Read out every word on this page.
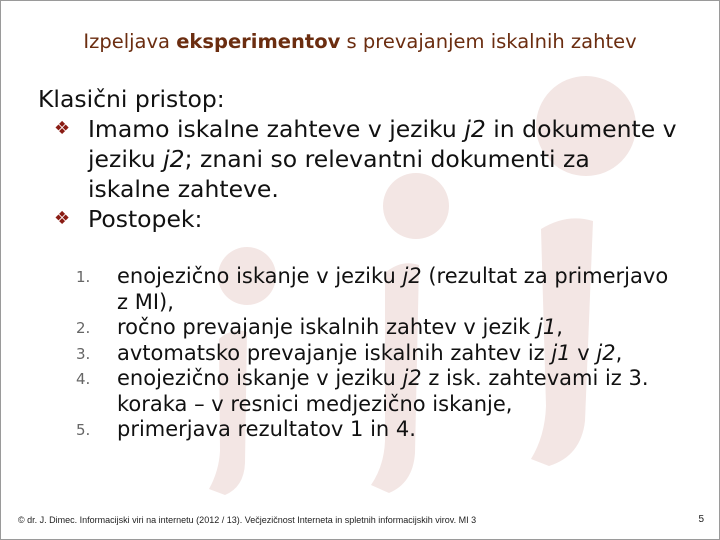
Izpeljava eksperimentov s prevajanjem iskalnih zahtev
Klasični pristop:
❖ Imamo iskalne zahteve v jeziku j2 in dokumente v jeziku j2; znani so relevantni dokumenti za iskalne zahteve.
❖ Postopek:
1. enojezično iskanje v jeziku j2 (rezultat za primerjavo z MI),
2. ročno prevajanje iskalnih zahtev v jezik j1,
3. avtomatsko prevajanje iskalnih zahtev iz j1 v j2,
4. enojezično iskanje v jeziku j2 z isk. zahtevami iz 3. koraka – v resnici medjezično iskanje,
5. primerjava rezultatov 1 in 4.
© dr. J. Dimec. Informacijski viri na internetu (2012 / 13). Večjezičnost Interneta in spletnih informacijskih virov. MI 3	5
